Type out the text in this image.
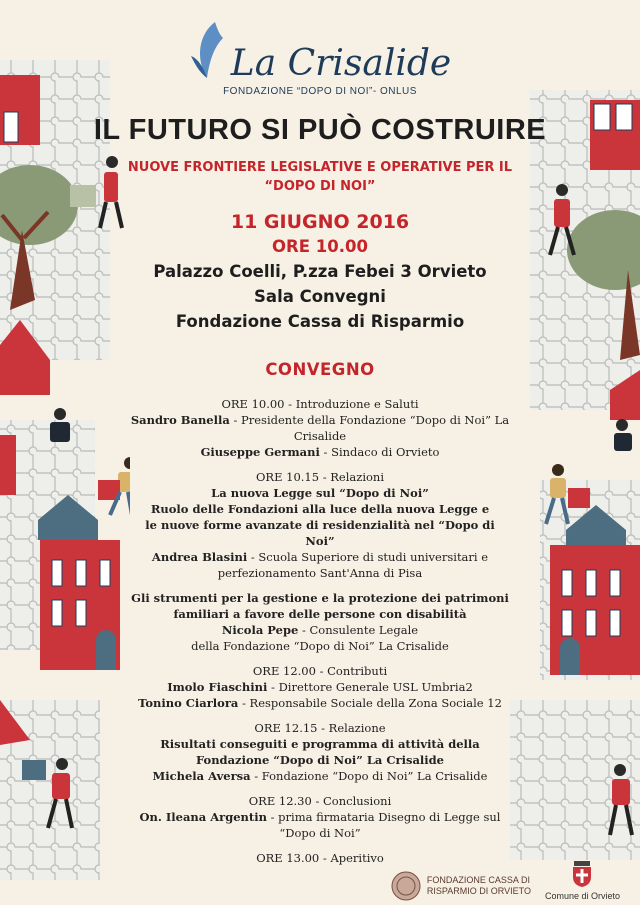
La Crisalide
FONDAZIONE “DOPO DI NOI”- ONLUS
IL FUTURO SI PUÒ COSTRUIRE
NUOVE FRONTIERE LEGISLATIVE E OPERATIVE PER IL
“DOPO DI NOI”
11 GIUGNO 2016
ORE 10.00
Palazzo Coelli, P.zza Febei 3 Orvieto
Sala Convegni
Fondazione Cassa di Risparmio
CONVEGNO
ORE 10.00 - Introduzione e Saluti
Sandro Banella - Presidente della Fondazione “Dopo di Noi” La Crisalide
Giuseppe Germani - Sindaco di Orvieto
ORE 10.15 - Relazioni
La nuova Legge sul “Dopo di Noi”
Ruolo delle Fondazioni alla luce della nuova Legge e
le nuove forme avanzate di residenzialità nel “Dopo di Noi”
Andrea Blasini - Scuola Superiore di studi universitari e
perfezionamento Sant'Anna di Pisa
Gli strumenti per la gestione e la protezione dei patrimoni
familiari a favore delle persone con disabilità
Nicola Pepe - Consulente Legale
della Fondazione “Dopo di Noi” La Crisalide
ORE 12.00 - Contributi
Imolo Fiaschini - Direttore Generale USL Umbria2
Tonino Ciarlora - Responsabile Sociale della Zona Sociale 12
ORE 12.15 - Relazione
Risultati conseguiti e programma di attività della
Fondazione “Dopo di Noi” La Crisalide
Michela Aversa - Fondazione “Dopo di Noi” La Crisalide
ORE 12.30 - Conclusioni
On. Ileana Argentin - prima firmataria Disegno di Legge sul “Dopo di Noi”
ORE 13.00 - Aperitivo
FONDAZIONE CASSA DI
RISPARMIO DI ORVIETO Comune di Orvieto
